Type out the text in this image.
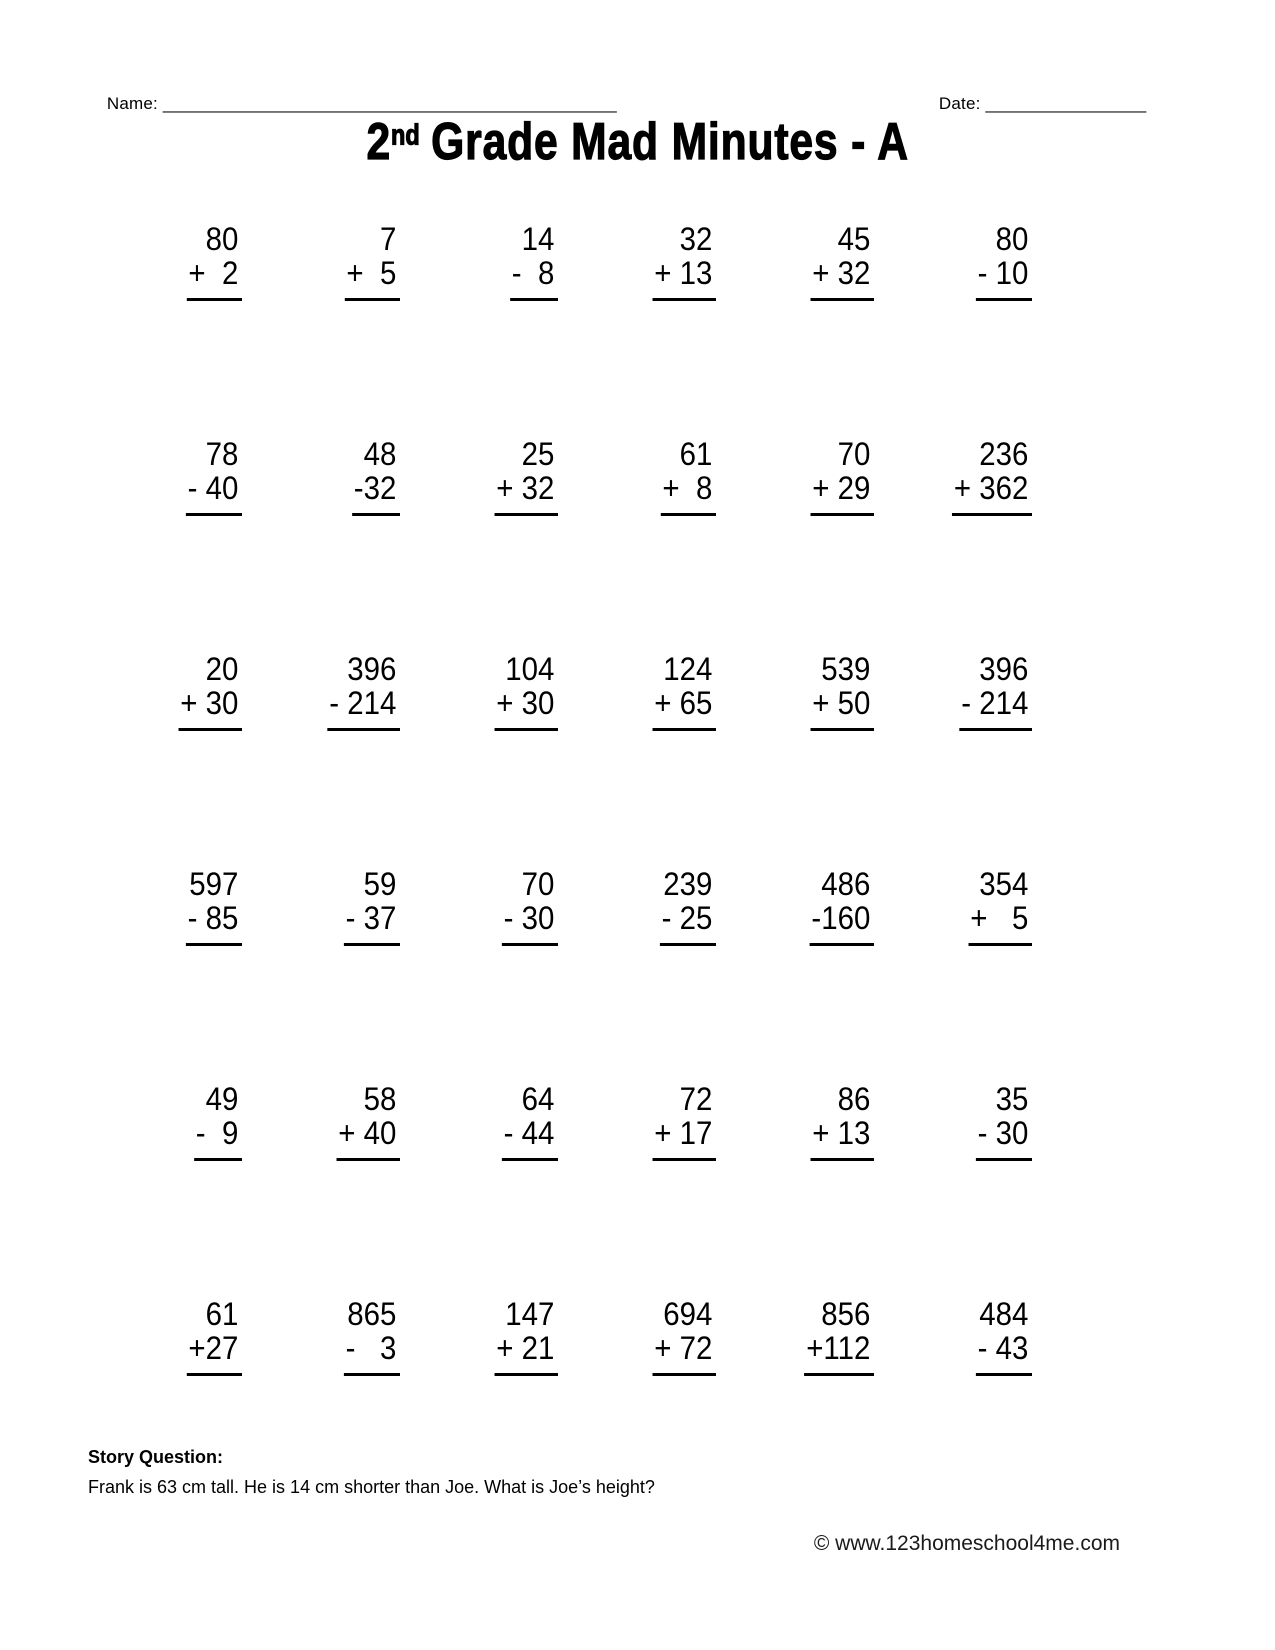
Name: ________________________________________________
	Date: _________________

2nd Grade Mad Minutes - A
80
+  2
7
+  5
14
-  8
32
+ 13
45
+ 32
80
- 10
78
- 40
48
-32
25
+ 32
61
+  8
70
+ 29
236
+ 362
20
+ 30
396
- 214
104
+ 30
124
+ 65
539
+ 50
396
- 214
597
- 85
59
- 37
70
- 30
239
- 25
486
-160
354
+   5
49
-  9
58
+ 40
64
- 44
72
+ 17
86
+ 13
35
- 30
61
+27
865
-   3
147
+ 21
694
+ 72
856
+112
484
- 43
Story Question:
Frank is 63 cm tall. He is 14 cm shorter than Joe. What is Joe’s height?
© www.123homeschool4me.com
